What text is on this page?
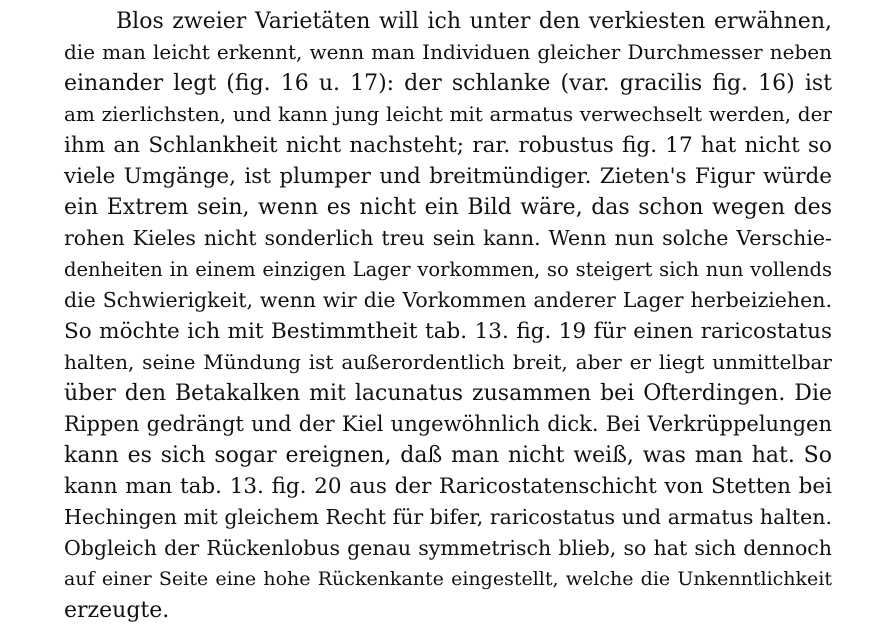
Blos zweier Varietäten will ich unter den verkiesten erwähnen,
die man leicht erkennt, wenn man Individuen gleicher Durchmesser neben
einander legt (fig. 16 u. 17): der schlanke (var. gracilis fig. 16) ist
am zierlichsten, und kann jung leicht mit armatus verwechselt werden, der
ihm an Schlankheit nicht nachsteht; rar. robustus fig. 17 hat nicht so
viele Umgänge, ist plumper und breitmündiger. Zieten's Figur würde
ein Extrem sein, wenn es nicht ein Bild wäre, das schon wegen des
rohen Kieles nicht sonderlich treu sein kann. Wenn nun solche Verschie-
denheiten in einem einzigen Lager vorkommen, so steigert sich nun vollends
die Schwierigkeit, wenn wir die Vorkommen anderer Lager herbeiziehen.
So möchte ich mit Bestimmtheit tab. 13. fig. 19 für einen raricostatus
halten, seine Mündung ist außerordentlich breit, aber er liegt unmittelbar
über den Betakalken mit lacunatus zusammen bei Ofterdingen. Die
Rippen gedrängt und der Kiel ungewöhnlich dick. Bei Verkrüppelungen
kann es sich sogar ereignen, daß man nicht weiß, was man hat. So
kann man tab. 13. fig. 20 aus der Raricostatenschicht von Stetten bei
Hechingen mit gleichem Recht für bifer, raricostatus und armatus halten.
Obgleich der Rückenlobus genau symmetrisch blieb, so hat sich dennoch
auf einer Seite eine hohe Rückenkante eingestellt, welche die Unkenntlichkeit
erzeugte.
